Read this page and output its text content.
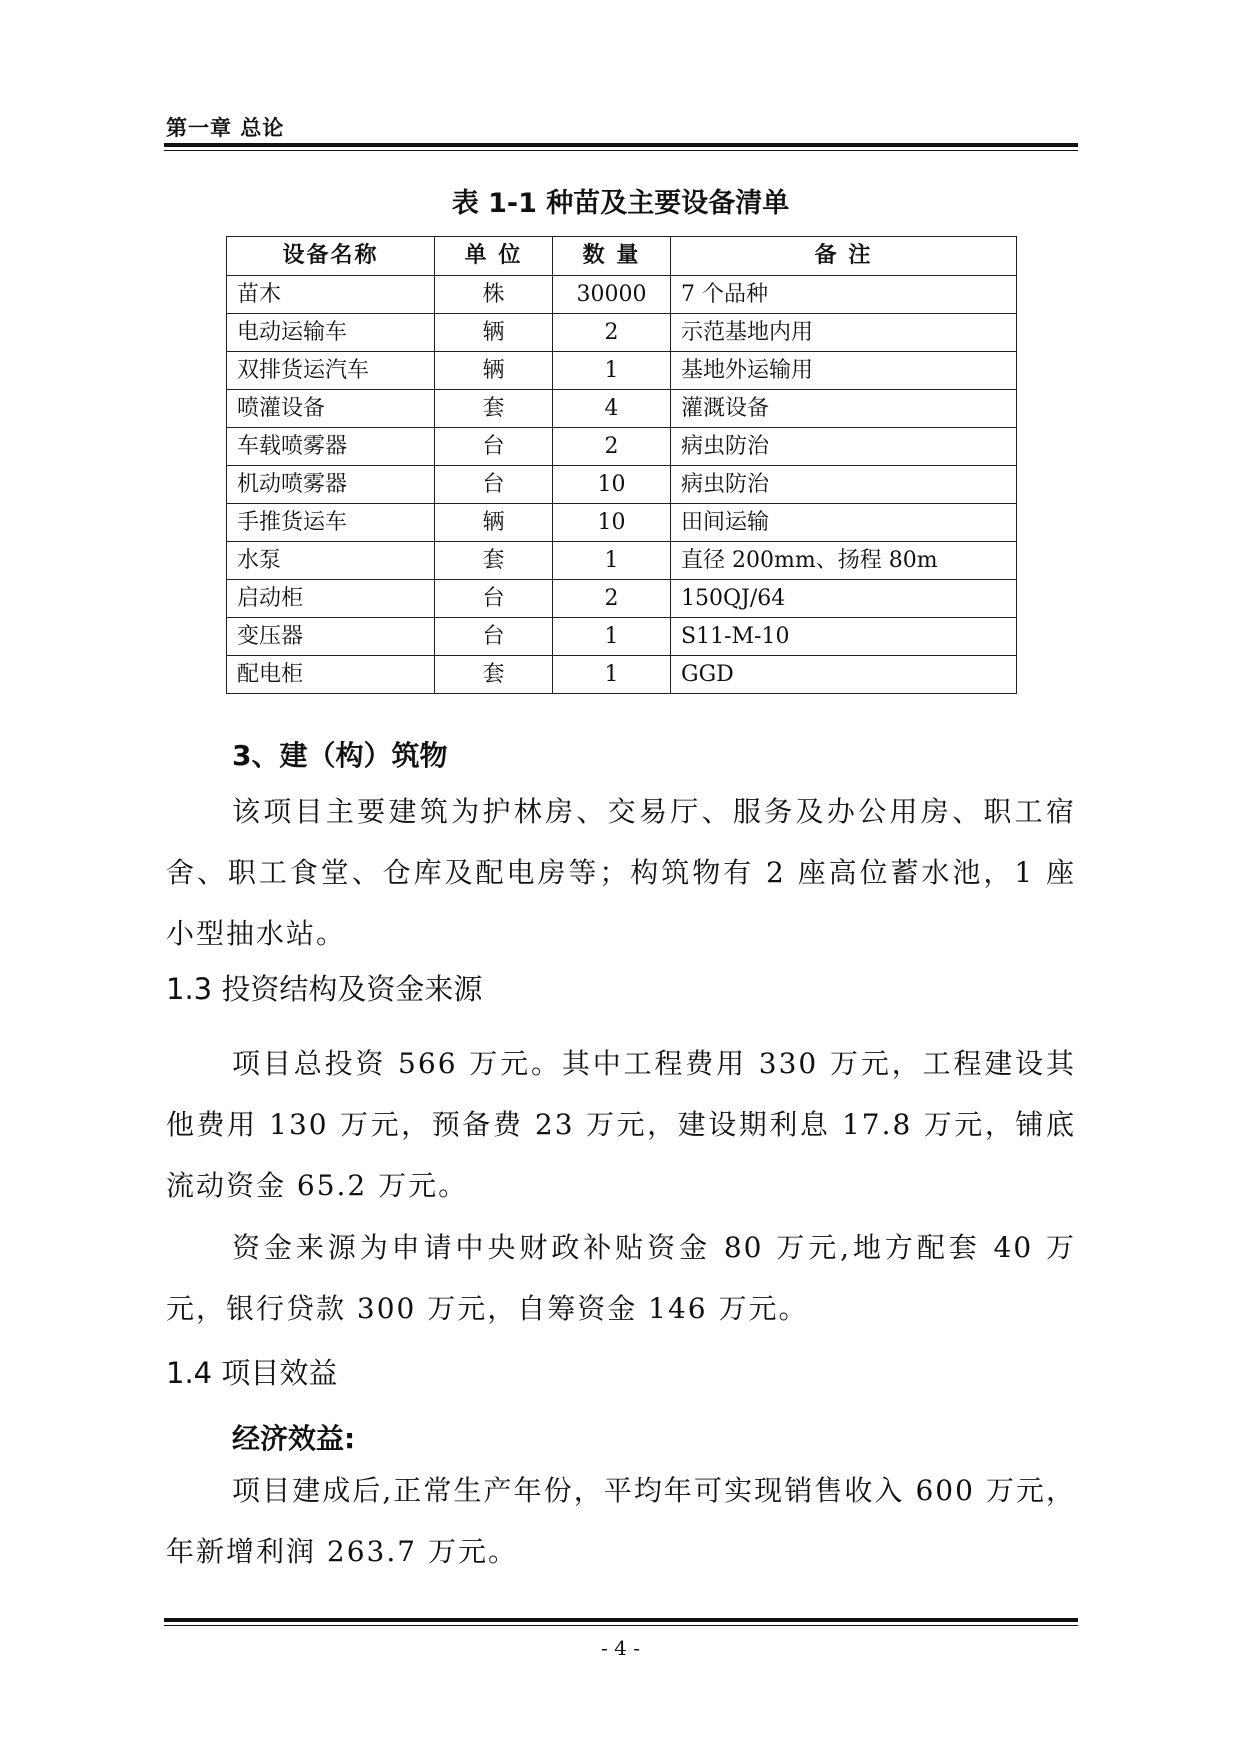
第一章 总论
表 1-1 种苗及主要设备清单
设备名称	单 位	数 量	备 注
苗木	株	30000	7 个品种
电动运输车	辆	2	示范基地内用
双排货运汽车	辆	1	基地外运输用
喷灌设备	套	4	灌溉设备
车载喷雾器	台	2	病虫防治
机动喷雾器	台	10	病虫防治
手推货运车	辆	10	田间运输
水泵	套	1	直径 200mm、扬程 80m
启动柜	台	2	150QJ/64
变压器	台	1	S11-M-10
配电柜	套	1	GGD
3、建（构）筑物
该项目主要建筑为护林房、交易厅、服务及办公用房、职工宿舍、职工食堂、仓库及配电房等；构筑物有 2 座高位蓄水池，1 座小型抽水站。
1.3 投资结构及资金来源
项目总投资 566 万元。其中工程费用 330 万元，工程建设其他费用 130 万元，预备费 23 万元，建设期利息 17.8 万元，铺底流动资金 65.2 万元。
资金来源为申请中央财政补贴资金 80 万元,地方配套 40 万元，银行贷款 300 万元，自筹资金 146 万元。
1.4 项目效益
经济效益:
项目建成后,正常生产年份，平均年可实现销售收入 600 万元，年新增利润 263.7 万元。
- 4 -
